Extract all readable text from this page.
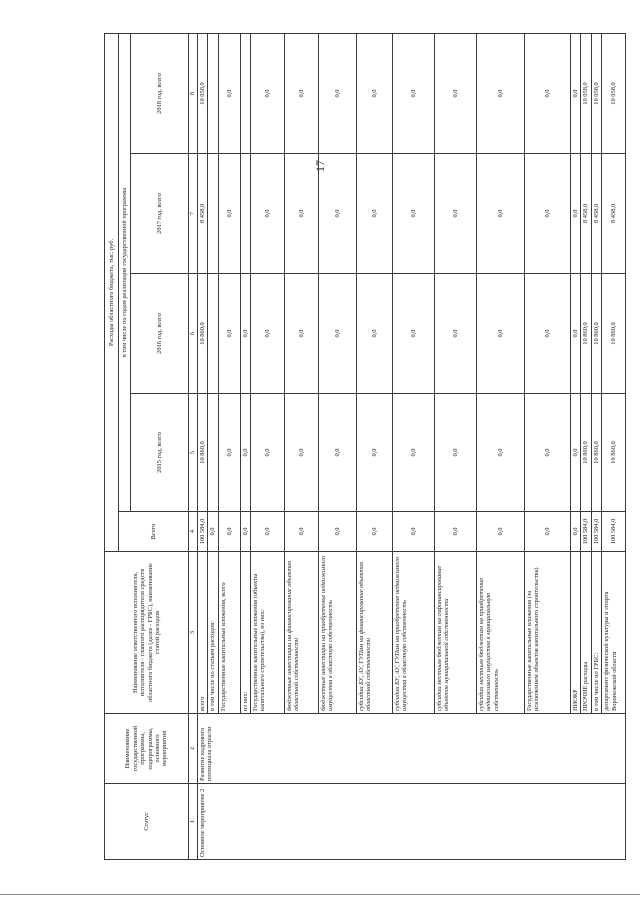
17
Статус	Наименование государственной программы, подпрограммы, основного мероприятия	Наименование ответственного исполнителя, исполнителя - главного распорядителя средств областного бюджета (далее - ГРБС), наименование статей расходов	Расходы областного бюджета, тыс. руб.				
			Всего	в том числе по годам реализации государственной программы			
				2015 год, всего	2016 год, всего	2017 год, всего	2018 год, всего
1	2	3	4	5	6	7	8
Основное мероприятие 2	Развитие кадрового потенциала отрасли	всего	100 584,0	10 860,0	10 860,0	8 458,0	10 058,0
		в том числе по статьям расходов:	0,0				
		Государственные капитальные вложения, всего	0,0	0,0	0,0	0,0	0,0
		из них:	0,0	0,0	0,0		
		Государственные капитальные вложения (объекты капитального строительства), из них:	0,0	0,0	0,0	0,0	0,0
		бюджетные инвестиции на финансирование объектов областной собственности	0,0	0,0	0,0	0,0	0,0
		бюджетные инвестиции на приобретение недвижимого имущества в областную собственность	0,0	0,0	0,0	0,0	0,0
		субсидии БУ, АУ, ГУПам на финансирование объектов областной собственности	0,0	0,0	0,0	0,0	0,0
		субсидии БУ, АУ, ГУПам на приобретение недвижимого имущества в областную собственность	0,0	0,0	0,0	0,0	0,0
		субсидии местным бюджетам на софинансирование объектов муниципальной собственности	0,0	0,0	0,0	0,0	0,0
		субсидии местным бюджетам на приобретение недвижимого имущества в муниципальную собственность	0,0	0,0	0,0	0,0	0,0
		Государственные капитальные вложения (за исключением объектов капитального строительства)	0,0	0,0	0,0	0,0	0,0
		НИОКР	0,0	0,0	0,0	0,0	0,0
		ПРОЧИЕ расходы	100 584,0	10 860,0	10 860,0	8 458,0	10 058,0
		в том числе по ГРБС:	100 584,0	10 860,0	10 860,0	8 458,0	10 058,0
		департамент физической культуры и спорта Воронежской области	100 584,0	10 860,0	10 860,0	8 458,0	10 058,0
